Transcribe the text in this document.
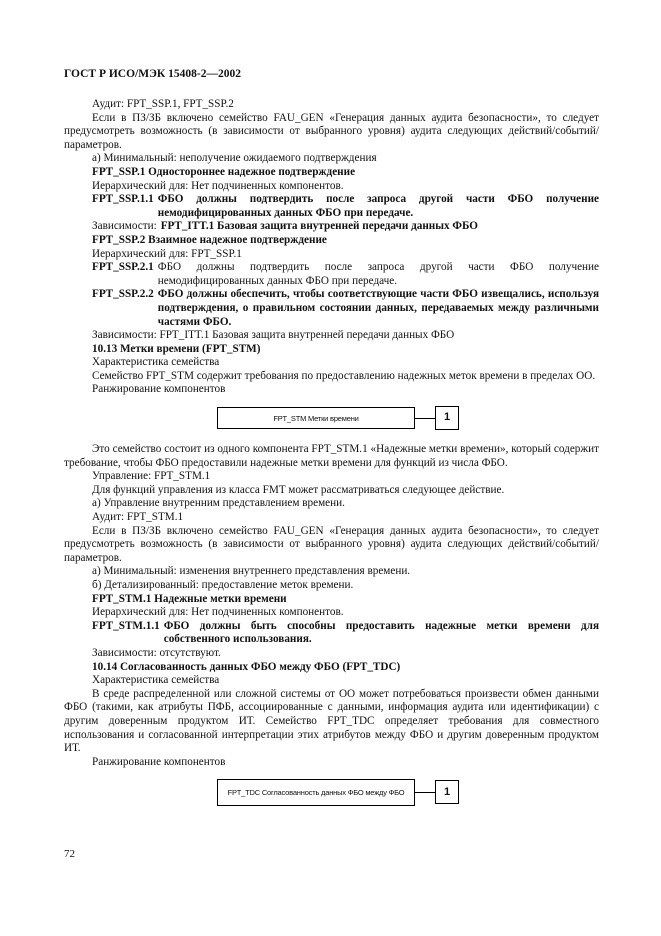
ГОСТ Р ИСО/МЭК 15408-2—2002

Аудит: FPT_SSP.1, FPT_SSP.2

Если в ПЗ/ЗБ включено семейство FAU_GEN «Генерация данных аудита безопасности», то следует предусмотреть возможность (в зависимости от выбранного уровня) аудита следующих действий/событий/параметров.

а) Минимальный: неполучение ожидаемого подтверждения

FPT_SSP.1 Одностороннее надежное подтверждение

Иерархический для: Нет подчиненных компонентов.

FPT_SSP.1.1 ФБО должны подтвердить после запроса другой части ФБО получение немодифицированных данных ФБО при передаче.
Зависимости: FPT_ITT.1 Базовая защита внутренней передачи данных ФБО

FPT_SSP.2 Взаимное надежное подтверждение

Иерархический для: FPT_SSP.1

FPT_SSP.2.1 ФБО должны подтвердить после запроса другой части ФБО получение немодифицированных данных ФБО при передаче.
FPT_SSP.2.2 ФБО должны обеспечить, чтобы соответствующие части ФБО извещались, используя подтверждения, о правильном состоянии данных, передаваемых между различными частями ФБО.

Зависимости: FPT_ITT.1 Базовая защита внутренней передачи данных ФБО

10.13 Метки времени (FPT_STM)

Характеристика семейства

Семейство FPT_STM содержит требования по предоставлению надежных меток времени в пределах ОО.

Ранжирование компонентов

FPT_STM Метки времени	1

Это семейство состоит из одного компонента FPT_STM.1 «Надежные метки времени», который содержит требование, чтобы ФБО предоставили надежные метки времени для функций из числа ФБО.

Управление: FPT_STM.1

Для функций управления из класса FMT может рассматриваться следующее действие.

а) Управление внутренним представлением времени.

Аудит: FPT_STM.1

Если в ПЗ/ЗБ включено семейство FAU_GEN «Генерация данных аудита безопасности», то следует предусмотреть возможность (в зависимости от выбранного уровня) аудита следующих действий/событий/параметров.

а) Минимальный: изменения внутреннего представления времени.

б) Детализированный: предоставление меток времени.

FPT_STM.1 Надежные метки времени

Иерархический для: Нет подчиненных компонентов.

FPT_STM.1.1 ФБО должны быть способны предоставить надежные метки времени для собственного использования.

Зависимости: отсутствуют.

10.14 Согласованность данных ФБО между ФБО (FPT_TDC)

Характеристика семейства

В среде распределенной или сложной системы от ОО может потребоваться произвести обмен данными ФБО (такими, как атрибуты ПФБ, ассоциированные с данными, информация аудита или идентификации) с другим доверенным продуктом ИТ. Семейство FPT_TDC определяет требования для совместного использования и согласованной интерпретации этих атрибутов между ФБО и другим доверенным продуктом ИТ.

Ранжирование компонентов

FPT_TDC Согласованность данных ФБО между ФБО	1
72
